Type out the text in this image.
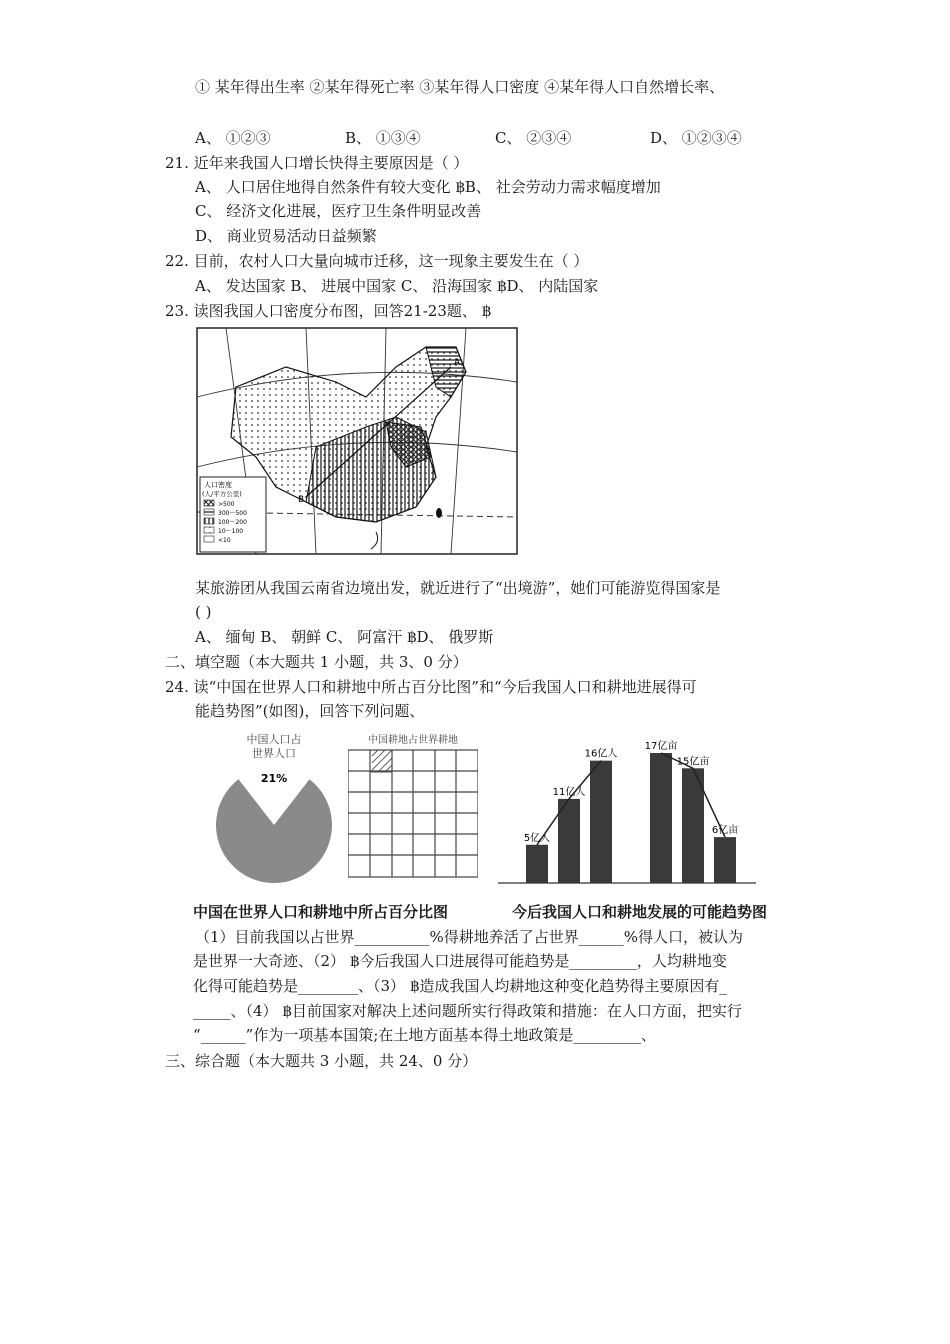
① 某年得出生率 ②某年得死亡率 ③某年得人口密度 ④某年得人口自然增长率、
A、 ①②③	B、 ①③④	C、 ②③④	D、 ①②③④
21. 近年来我国人口增长快得主要原因是（ ）
A、 人口居住地得自然条件有较大变化 ฿B、 社会劳动力需求幅度增加
C、 经济文化进展，医疗卫生条件明显改善
D、 商业贸易活动日益频繁
22. 目前，农村人口大量向城市迁移，这一现象主要发生在（ ）
A、 发达国家 B、 进展中国家 C、 沿海国家 ฿D、 内陆国家
23. 读图我国人口密度分布图，回答21-23题、 ฿
A
B
人口密度
(人/平方公里)
>500
300～500
100～200
10～100
<10
某旅游团从我国云南省边境出发，就近进行了“出境游”，她们可能游览得国家是
( )
A、 缅甸 B、 朝鲜 C、 阿富汗 ฿D、 俄罗斯
二、填空题（本大题共 1 小题，共 3、0 分）
24. 读“中国在世界人口和耕地中所占百分比图”和“今后我国人口和耕地进展得可
能趋势图”(如图)，回答下列问题、
中国人口占
世界人口
21%
中国耕地占世界耕地
5亿人
11亿人
16亿人
17亿亩
15亿亩
6亿亩
中国在世界人口和耕地中所占百分比图	今后我国人口和耕地发展的可能趋势图
（1）目前我国以占世界__________%得耕地养活了占世界______%得人口，被认为
是世界一大奇迹、（2） ฿今后我国人口进展得可能趋势是_________，人均耕地变
化得可能趋势是________、（3） ฿造成我国人均耕地这种变化趋势得主要原因有_
_____、（4） ฿目前国家对解决上述问题所实行得政策和措施：在人口方面，把实行
“______”作为一项基本国策;在土地方面基本得土地政策是_________、
三、综合题（本大题共 3 小题，共 24、0 分）
